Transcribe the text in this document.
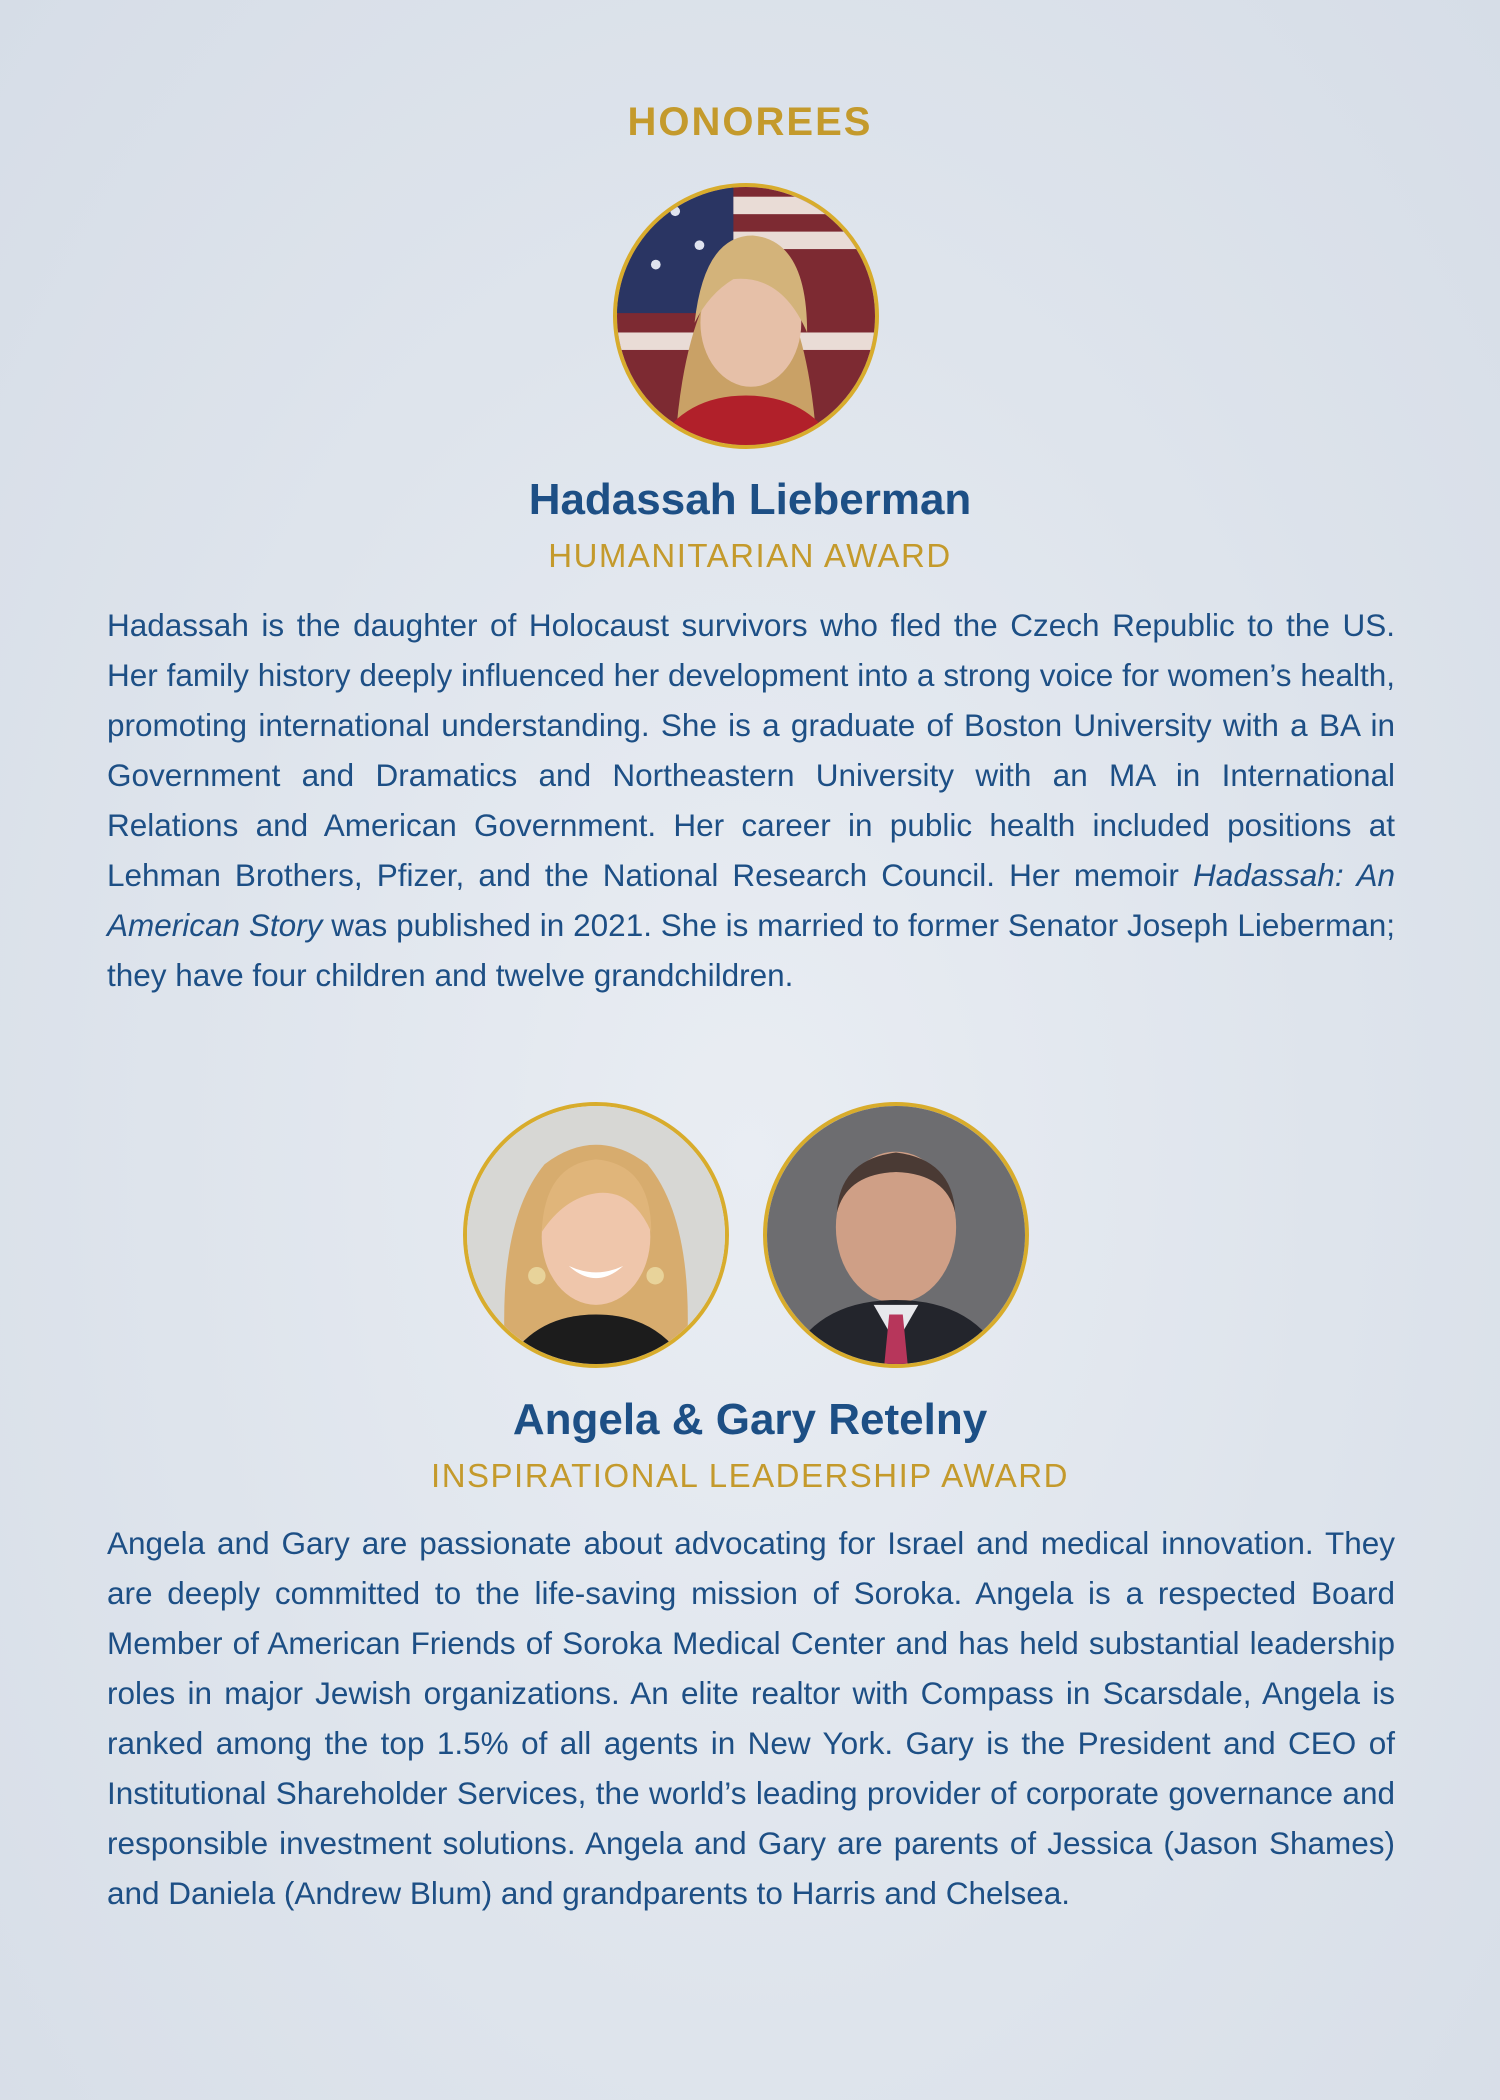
HONOREES
Hadassah Lieberman
HUMANITARIAN AWARD

Hadassah is the daughter of Holocaust survivors who fled the Czech Republic to the US. Her family history deeply influenced her development into a strong voice for women’s health, promoting international understanding. She is a graduate of Boston University with a BA in Government and Dramatics and Northeastern University with an MA in International Relations and American Government. Her career in public health included positions at Lehman Brothers, Pfizer, and the National Research Council. Her memoir Hadassah: An American Story was published in 2021. She is married to former Senator Joseph Lieberman; they have four children and twelve grandchildren.

Angela & Gary Retelny
INSPIRATIONAL LEADERSHIP AWARD

Angela and Gary are passionate about advocating for Israel and medical innovation. They are deeply committed to the life-saving mission of Soroka. Angela is a respected Board Member of American Friends of Soroka Medical Center and has held substantial leadership roles in major Jewish organizations. An elite realtor with Compass in Scarsdale, Angela is ranked among the top 1.5% of all agents in New York. Gary is the President and CEO of Institutional Shareholder Services, the world’s leading provider of corporate governance and responsible investment solutions. Angela and Gary are parents of Jessica (Jason Shames) and Daniela (Andrew Blum) and grandparents to Harris and Chelsea.
